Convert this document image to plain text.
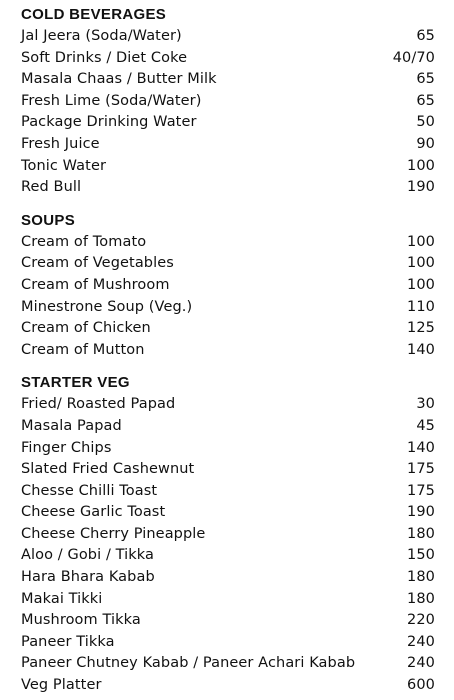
COLD BEVERAGES
Jal Jeera (Soda/Water)	65
Soft Drinks / Diet Coke	40/70
Masala Chaas / Butter Milk	65
Fresh Lime (Soda/Water)	65
Package Drinking Water	50
Fresh Juice	90
Tonic Water	100
Red Bull	190
SOUPS
Cream of Tomato	100
Cream of Vegetables	100
Cream of Mushroom	100
Minestrone Soup (Veg.)	110
Cream of Chicken	125
Cream of Mutton	140
STARTER VEG
Fried/ Roasted Papad	30
Masala Papad	45
Finger Chips	140
Slated Fried Cashewnut	175
Chesse Chilli Toast	175
Cheese Garlic Toast	190
Cheese Cherry Pineapple	180
Aloo / Gobi / Tikka	150
Hara Bhara Kabab	180
Makai Tikki	180
Mushroom Tikka	220
Paneer Tikka	240
Paneer Chutney Kabab / Paneer Achari Kabab	240
Veg Platter	600
